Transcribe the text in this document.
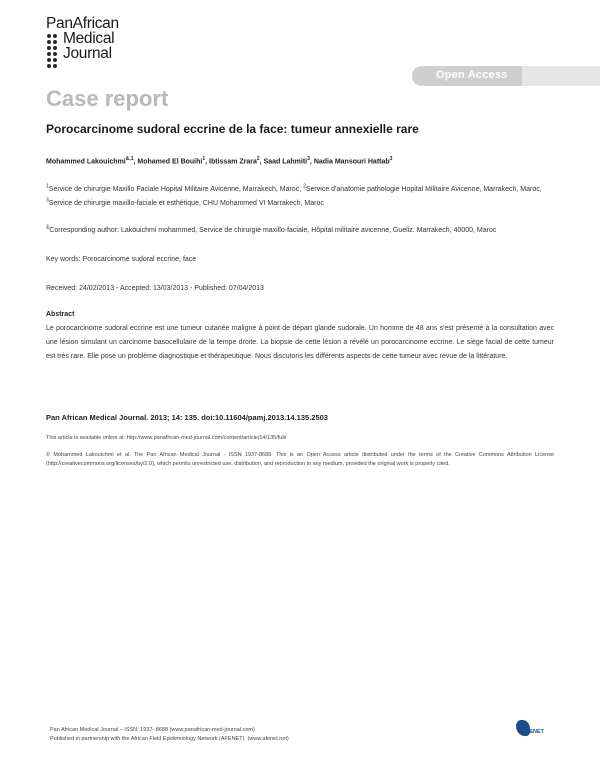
PanAfrican
Medical
Journal
Open Access
Case report
Porocarcinome sudoral eccrine de la face: tumeur annexielle rare
Mohammed Lakouichmi$^{\&,1}$, Mohamed El Bouihi$^1$, Ibtissam Zrara$^2$, Saad Lahmiti$^3$, Nadia Mansouri Hattab$^3$
$^1$Service de chirurgie Maxillo Faciale Hopital Militaire Avicenne, Marrakech, Maroc, $^2$Service d'anatomie pathologie Hopital Militaire Avicenne, Marrakech, Maroc, $^3$Service de chirurgie maxillo-faciale et esthétique, CHU Mohammed VI Marrakech, Maroc
&Corresponding author: Lakouichmi mohammed, Service de chirurgie maxillo-faciale, Hôpital militaire avicenne, Gueliz. Marrakech, 40000, Maroc
Key words: Porocarcinome sudoral eccrine, face
Received: 24/02/2013 - Accepted: 13/03/2013 - Published: 07/04/2013
Abstract
Le porocarcinome sudoral eccrine est une tumeur cutanée maligne à point de départ glande sudorale. Un homme de 48 ans s'est présenté à la consultation avec une lésion simulant un carcinome basocellulaire de la tempe droite. La biopsie de cette lésion a révélé un porocarcinome eccrine. Le siège facial de cette tumeur est très rare. Elle pose un problème diagnostique et thérapeutique. Nous discutons les différents aspects de cette tumeur avec revue de la littérature.
Pan African Medical Journal. 2013; 14: 135. doi:10.11604/pamj.2013.14.135.2503
This article is available online at: http://www.panafrican-med-journal.com/content/article/14/135/full/
© Mohammed Lakouichmi et al. The Pan African Medical Journal - ISSN 1937-8688. This is an Open Access article distributed under the terms of the Creative Commons Attribution License (http://creativecommons.org/licenses/by/2.0), which permits unrestricted use, distribution, and reproduction in any medium, provided the original work is properly cited.
Pan African Medical Journal – ISSN: 1937- 8688 (www.panafrican-med-journal.com)
Published in partnership with the African Field Epidemiology Network (AFENET). (www.afenet.net)
AFENET
